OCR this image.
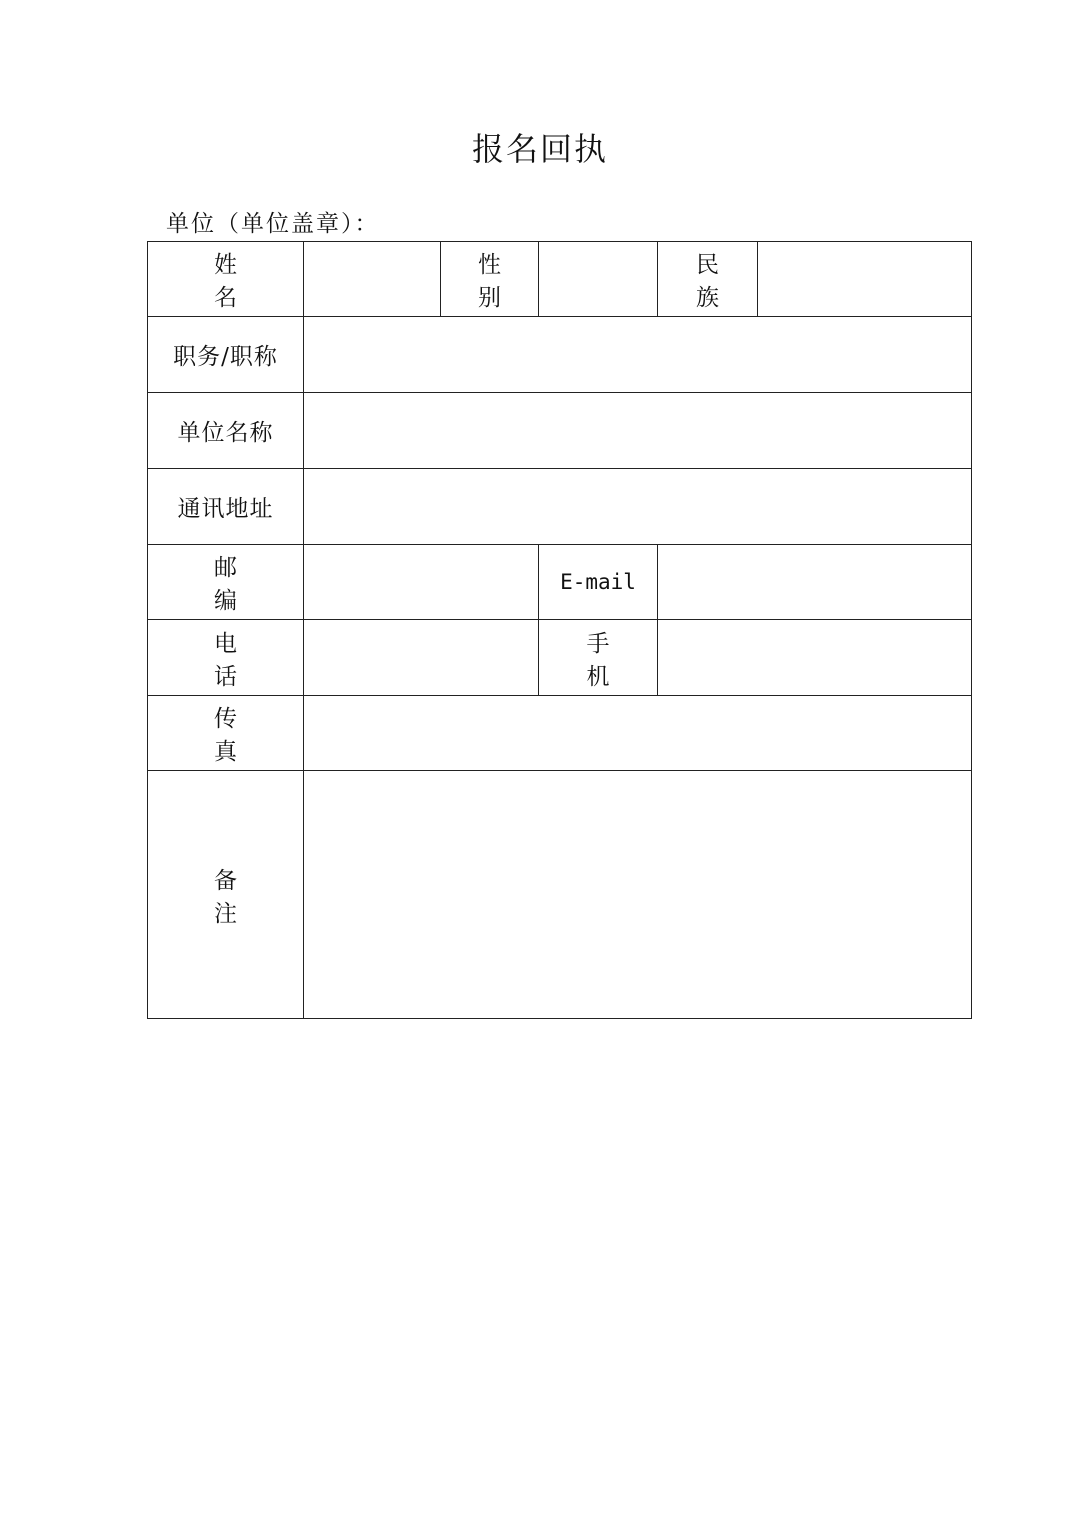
报名回执
单位（单位盖章）：
姓 名		性 别		民 族	
职务/职称					
单位名称					
通讯地址					
邮 编			E-mail		
电 话			手 机		
传 真					
备 注					
